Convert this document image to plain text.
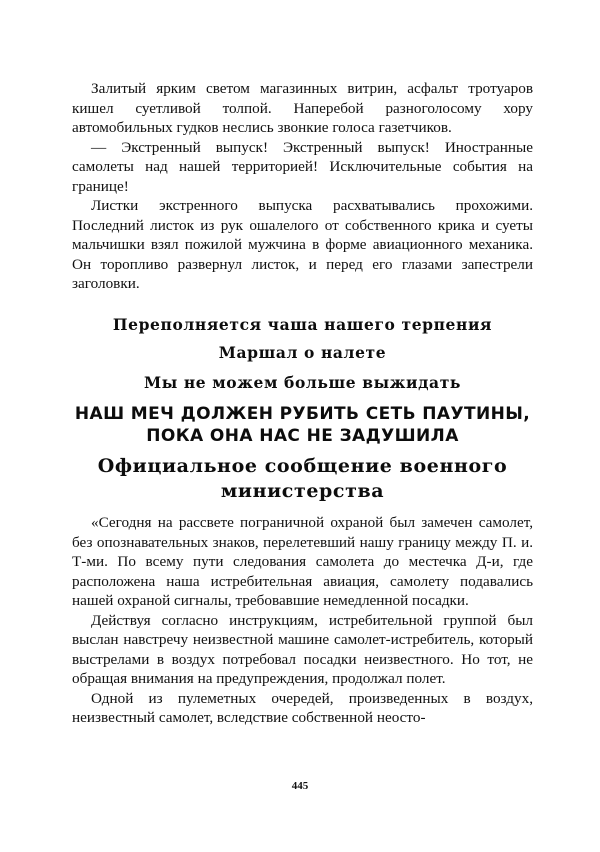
Залитый ярким светом магазинных витрин, асфальт тротуаров кишел суетливой толпой. Наперебой разноголосому хору автомобильных гудков неслись звонкие голоса газетчиков.

— Экстренный выпуск! Экстренный выпуск! Иностранные самолеты над нашей территорией! Исключительные события на границе!

Листки экстренного выпуска расхватывались прохожими. Последний листок из рук ошалелого от собственного крика и суеты мальчишки взял пожилой мужчина в форме авиационного механика. Он торопливо развернул листок, и перед его глазами запестрели заголовки.

Переполняется чаша нашего терпения

Маршал о налете

Мы не можем больше выжидать

НАШ МЕЧ ДОЛЖЕН РУБИТЬ СЕТЬ ПАУТИНЫ, ПОКА ОНА НАС НЕ ЗАДУШИЛА

Официальное сообщение военного министерства

«Сегодня на рассвете пограничной охраной был замечен самолет, без опознавательных знаков, перелетевший нашу границу между П. и. Т-ми. По всему пути следования самолета до местечка Д-и, где расположена наша истребительная авиация, самолету подавались нашей охраной сигналы, требовавшие немедленной посадки.

Действуя согласно инструкциям, истребительной группой был выслан навстречу неизвестной машине самолет-истребитель, который выстрелами в воздух потребовал посадки неизвестного. Но тот, не обращая внимания на предупреждения, продолжал полет.

Одной из пулеметных очередей, произведенных в воздух, неизвестный самолет, вследствие собственной неосто-

445
